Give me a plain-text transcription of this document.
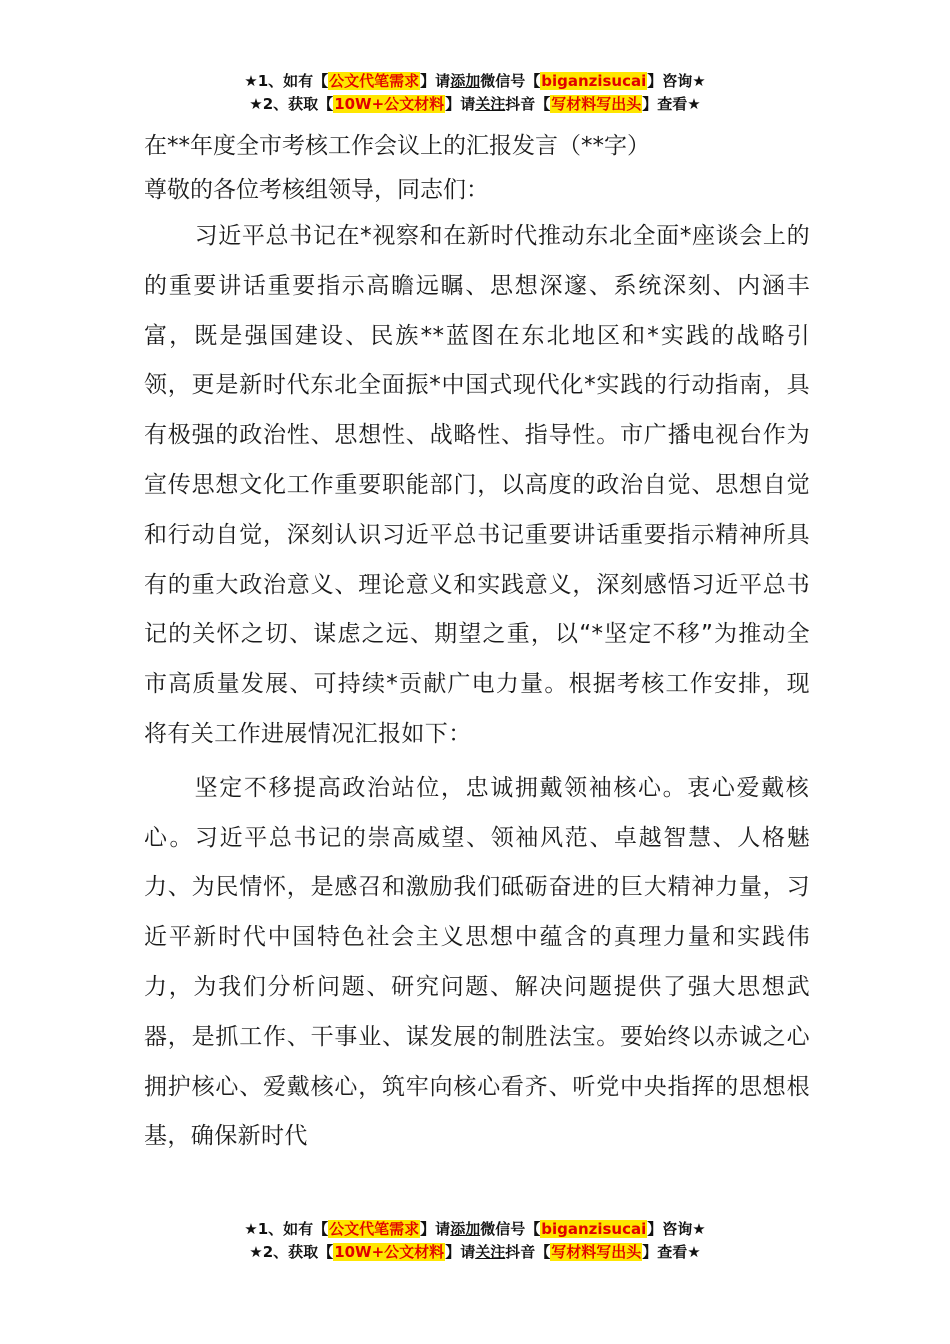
★1、如有【公文代笔需求】请添加微信号【biganzisucai】咨询★
★2、获取【10W+公文材料】请关注抖音【写材料写出头】查看★

在**年度全市考核工作会议上的汇报发言（**字）

尊敬的各位考核组领导，同志们：

习近平总书记在*视察和在新时代推动东北全面*座谈会上的的重要讲话重要指示高瞻远瞩、思想深邃、系统深刻、内涵丰富，既是强国建设、民族**蓝图在东北地区和*实践的战略引领，更是新时代东北全面振*中国式现代化*实践的行动指南，具有极强的政治性、思想性、战略性、指导性。市广播电视台作为宣传思想文化工作重要职能部门，以高度的政治自觉、思想自觉和行动自觉，深刻认识习近平总书记重要讲话重要指示精神所具有的重大政治意义、理论意义和实践意义，深刻感悟习近平总书记的关怀之切、谋虑之远、期望之重，以“*坚定不移”为推动全市高质量发展、可持续*贡献广电力量。根据考核工作安排，现将有关工作进展情况汇报如下：

坚定不移提高政治站位，忠诚拥戴领袖核心。衷心爱戴核心。习近平总书记的崇高威望、领袖风范、卓越智慧、人格魅力、为民情怀，是感召和激励我们砥砺奋进的巨大精神力量，习近平新时代中国特色社会主义思想中蕴含的真理力量和实践伟力，为我们分析问题、研究问题、解决问题提供了强大思想武器，是抓工作、干事业、谋发展的制胜法宝。要始终以赤诚之心拥护核心、爱戴核心，筑牢向核心看齐、听党中央指挥的思想根基，确保新时代

★1、如有【公文代笔需求】请添加微信号【biganzisucai】咨询★
★2、获取【10W+公文材料】请关注抖音【写材料写出头】查看★
